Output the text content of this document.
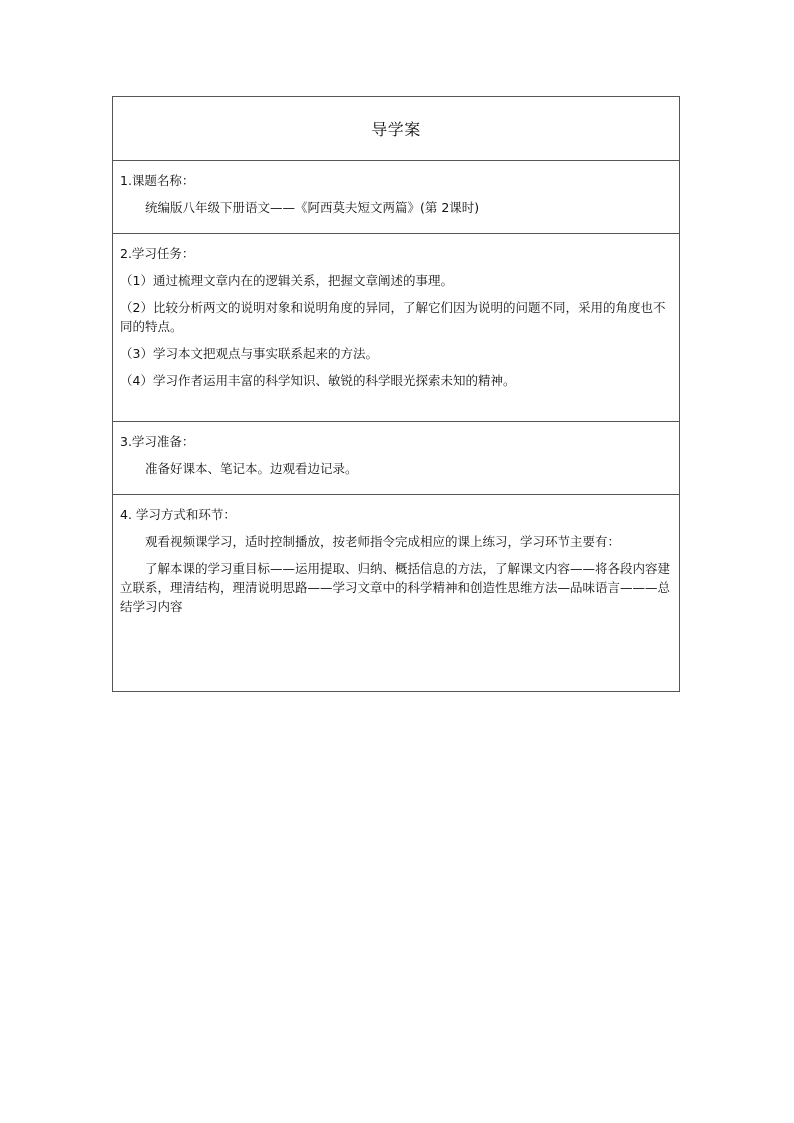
导学案

1.课题名称：

统编版八年级下册语文——《阿西莫夫短文两篇》(第 2课时)

2.学习任务：

（1）通过梳理文章内在的逻辑关系，把握文章阐述的事理。

（2）比较分析两文的说明对象和说明角度的异同，了解它们因为说明的问题不同，采用的角度也不同的特点。

（3）学习本文把观点与事实联系起来的方法。

（4）学习作者运用丰富的科学知识、敏锐的科学眼光探索未知的精神。

3.学习准备：

准备好课本、笔记本。边观看边记录。

4. 学习方式和环节：

观看视频课学习，适时控制播放，按老师指令完成相应的课上练习，学习环节主要有：

了解本课的学习重目标——运用提取、归纳、概括信息的方法，了解课文内容——将各段内容建立联系，理清结构，理清说明思路——学习文章中的科学精神和创造性思维方法—品味语言———总结学习内容
